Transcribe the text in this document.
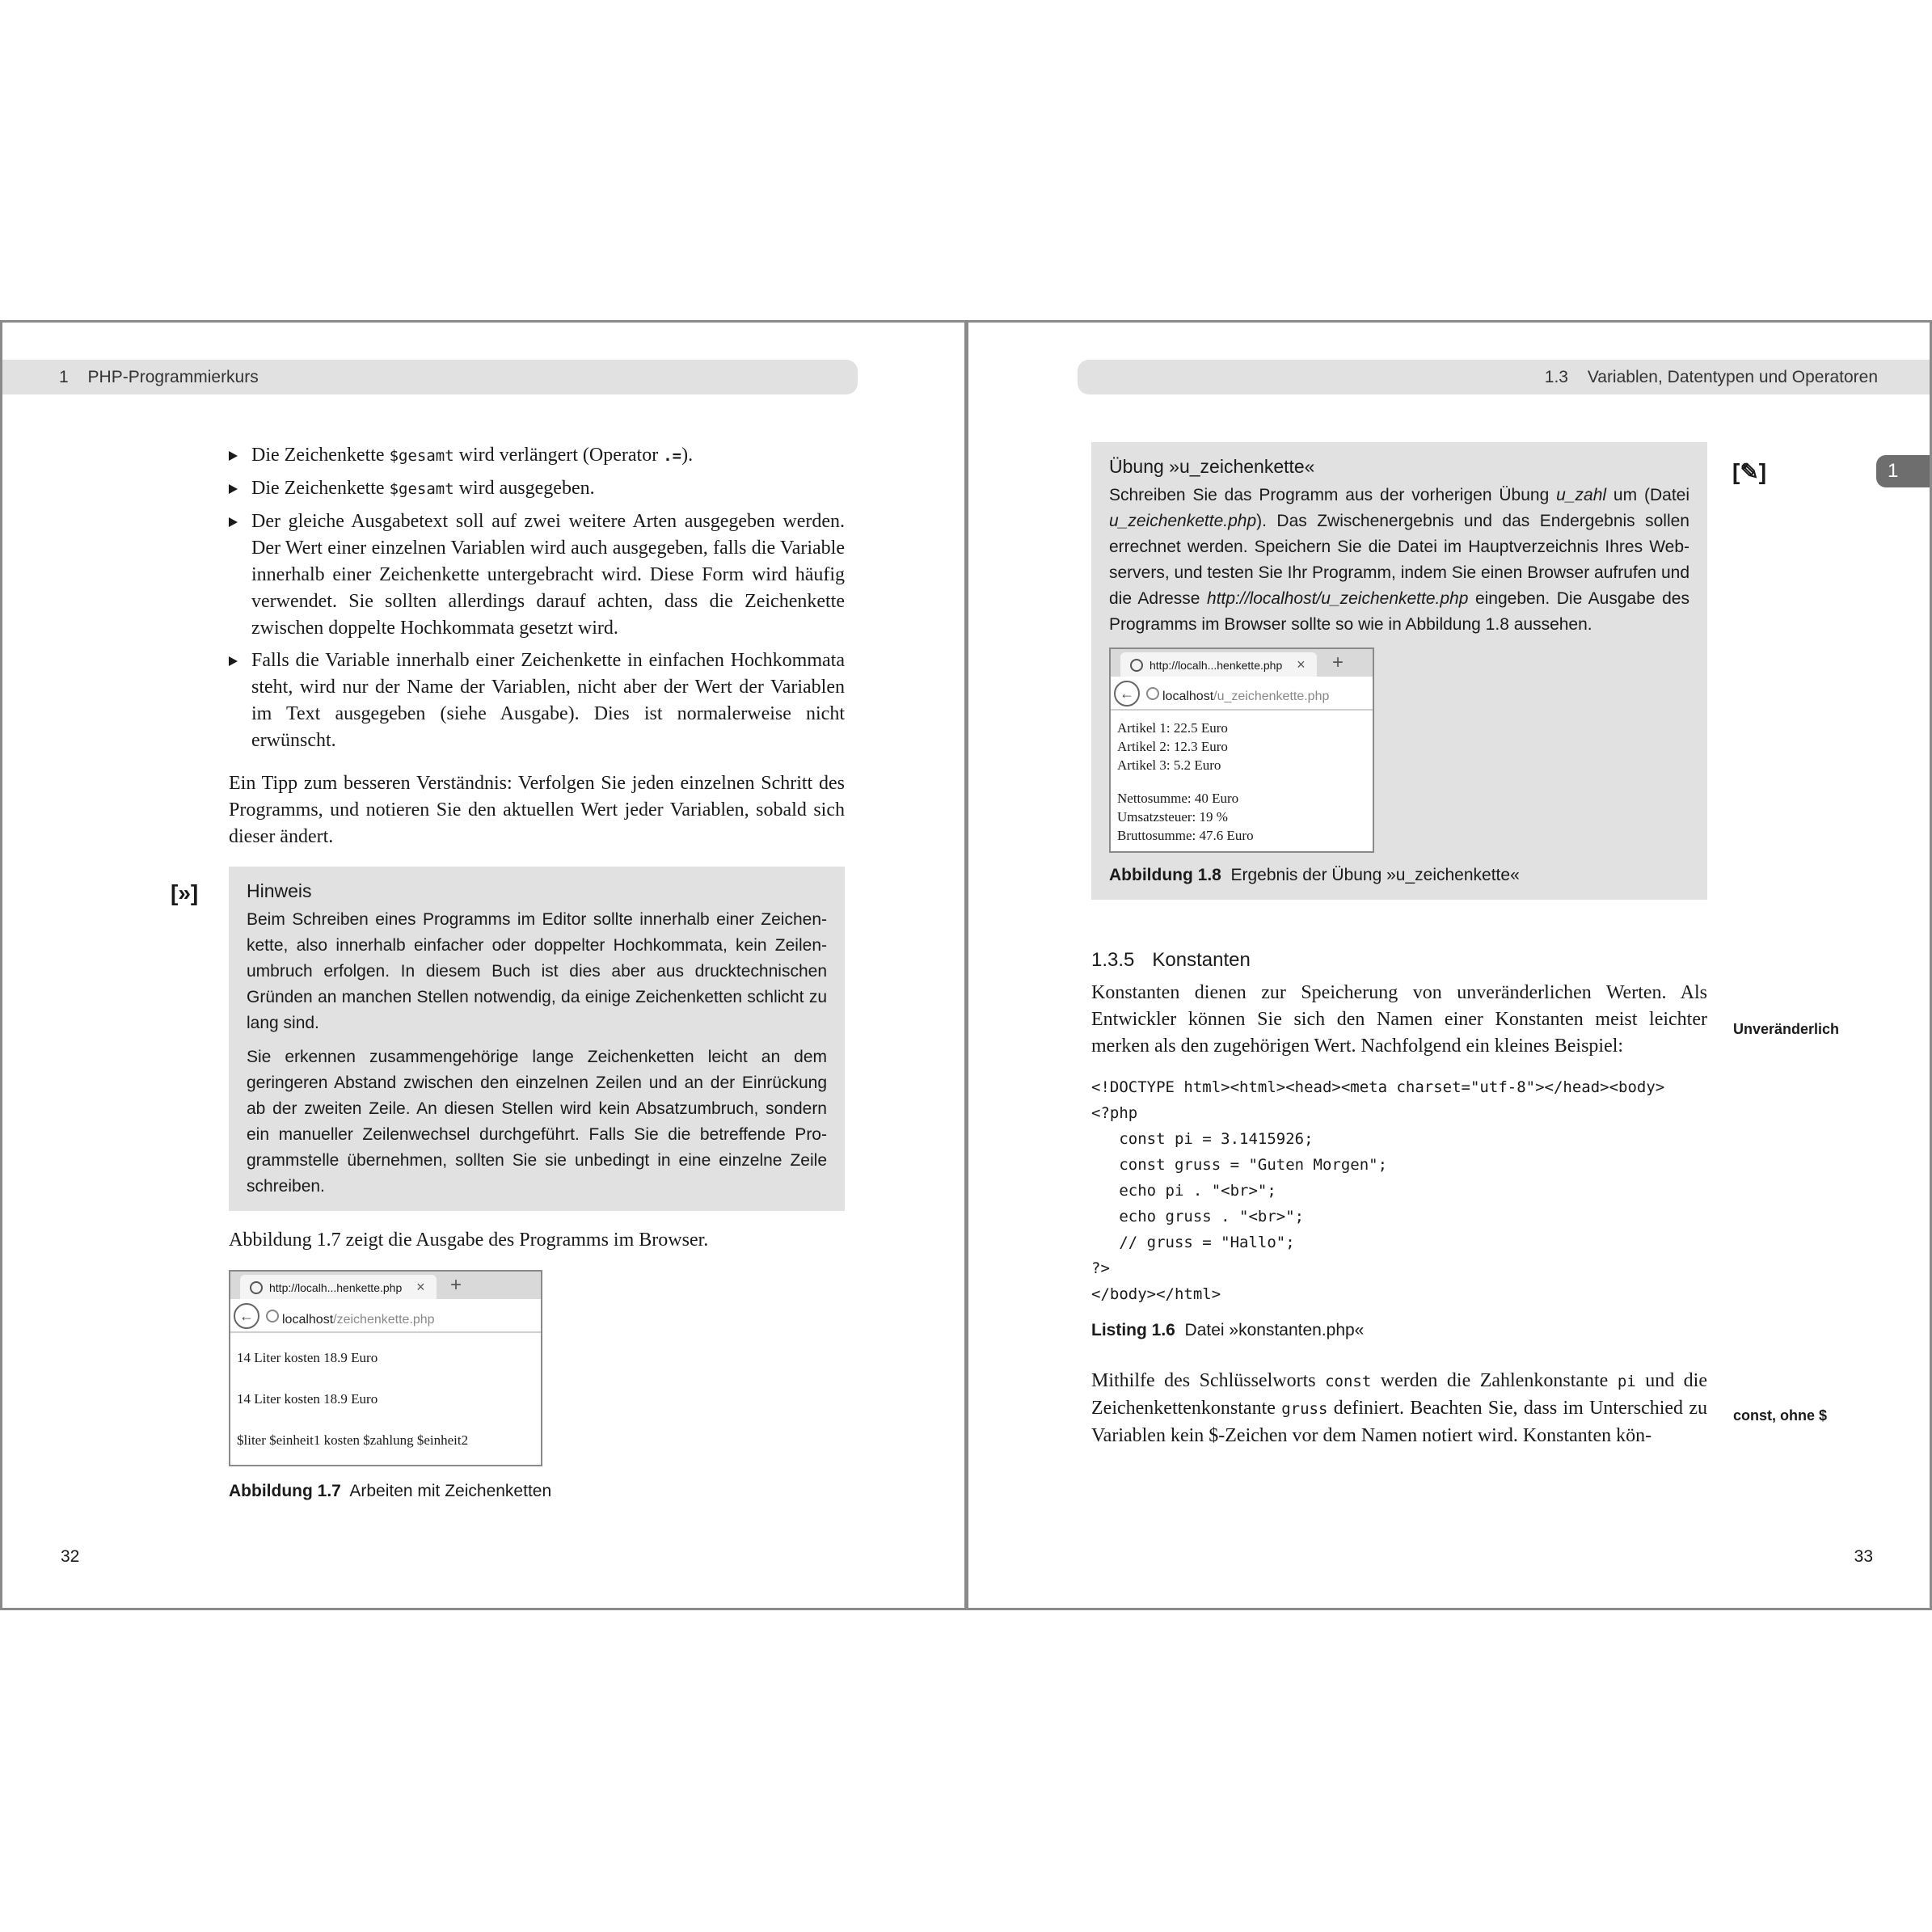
1 PHP-Programmierkurs
Die Zeichenkette $gesamt wird verlängert (Operator .=).
Die Zeichenkette $gesamt wird ausgegeben.
Der gleiche Ausgabetext soll auf zwei weitere Arten ausgegeben werden. Der Wert einer einzelnen Variablen wird auch ausgegeben, falls die Variable innerhalb einer Zeichenkette untergebracht wird. Diese Form wird häufig verwendet. Sie sollten allerdings darauf achten, dass die Zeichenkette zwischen doppelte Hochkommata gesetzt wird.
Falls die Variable innerhalb einer Zeichenkette in einfachen Hochkommata steht, wird nur der Name der Variablen, nicht aber der Wert der Variablen im Text ausgegeben (siehe Ausgabe). Dies ist normalerweise nicht erwünscht.

Ein Tipp zum besseren Verständnis: Verfolgen Sie jeden einzelnen Schritt des Programms, und notieren Sie den aktuellen Wert jeder Variablen, sobald sich dieser ändert.

Hinweis

Beim Schreiben eines Programms im Editor sollte innerhalb einer Zeichenkette, also innerhalb einfacher oder doppelter Hochkommata, kein Zeilenumbruch erfolgen. In diesem Buch ist dies aber aus drucktechnischen Gründen an manchen Stellen notwendig, da einige Zeichenketten schlicht zu lang sind.

Sie erkennen zusammengehörige lange Zeichenketten leicht an dem geringeren Abstand zwischen den einzelnen Zeilen und an der Einrückung ab der zweiten Zeile. An diesen Stellen wird kein Absatzumbruch, sondern ein manueller Zeilenwechsel durchgeführt. Falls Sie die betreffende Programmstelle übernehmen, sollten Sie sie unbedingt in eine einzelne Zeile schreiben.

Abbildung 1.7 zeigt die Ausgabe des Programms im Browser.

http://localh...henkette.php ×	+
←	localhost/zeichenkette.php
14 Liter kosten 18.9 Euro
14 Liter kosten 18.9 Euro
$liter $einheit1 kosten $zahlung $einheit2
Abbildung 1.7 Arbeiten mit Zeichenketten
[»]
32
1.3 Variablen, Datentypen und Operatoren
1
[✎]
Übung »u_zeichenkette«

Schreiben Sie das Programm aus der vorherigen Übung u_zahl um (Datei u_zeichenkette.php). Das Zwischenergebnis und das Endergebnis sollen errechnet werden. Speichern Sie die Datei im Hauptverzeichnis Ihres Webservers, und testen Sie Ihr Programm, indem Sie einen Browser aufrufen und die Adresse http://localhost/u_zeichenkette.php eingeben. Die Ausgabe des Programms im Browser sollte so wie in Abbildung 1.8 aussehen.

http://localh...henkette.php ×	+
←	localhost/u_zeichenkette.php
Artikel 1: 22.5 Euro
Artikel 2: 12.3 Euro
Artikel 3: 5.2 Euro
Nettosumme: 40 Euro
Umsatzsteuer: 19 %
Bruttosumme: 47.6 Euro
Abbildung 1.8 Ergebnis der Übung »u_zeichenkette«
1.3.5 Konstanten

Konstanten dienen zur Speicherung von unveränderlichen Werten. Als Entwickler können Sie sich den Namen einer Konstanten meist leichter merken als den zugehörigen Wert. Nachfolgend ein kleines Beispiel:

<!DOCTYPE html><html><head><meta charset="utf-8"></head><body>
<?php
const pi = 3.1415926;
const gruss = "Guten Morgen";
echo pi . "<br>";
echo gruss . "<br>";
// gruss = "Hallo";
?>
</body></html>
Listing 1.6 Datei »konstanten.php«

Mithilfe des Schlüsselworts const werden die Zahlenkonstante pi und die Zeichenkettenkonstante gruss definiert. Beachten Sie, dass im Unterschied zu Variablen kein $-Zeichen vor dem Namen notiert wird. Konstanten kön-

Unveränderlich
const, ohne $
33
